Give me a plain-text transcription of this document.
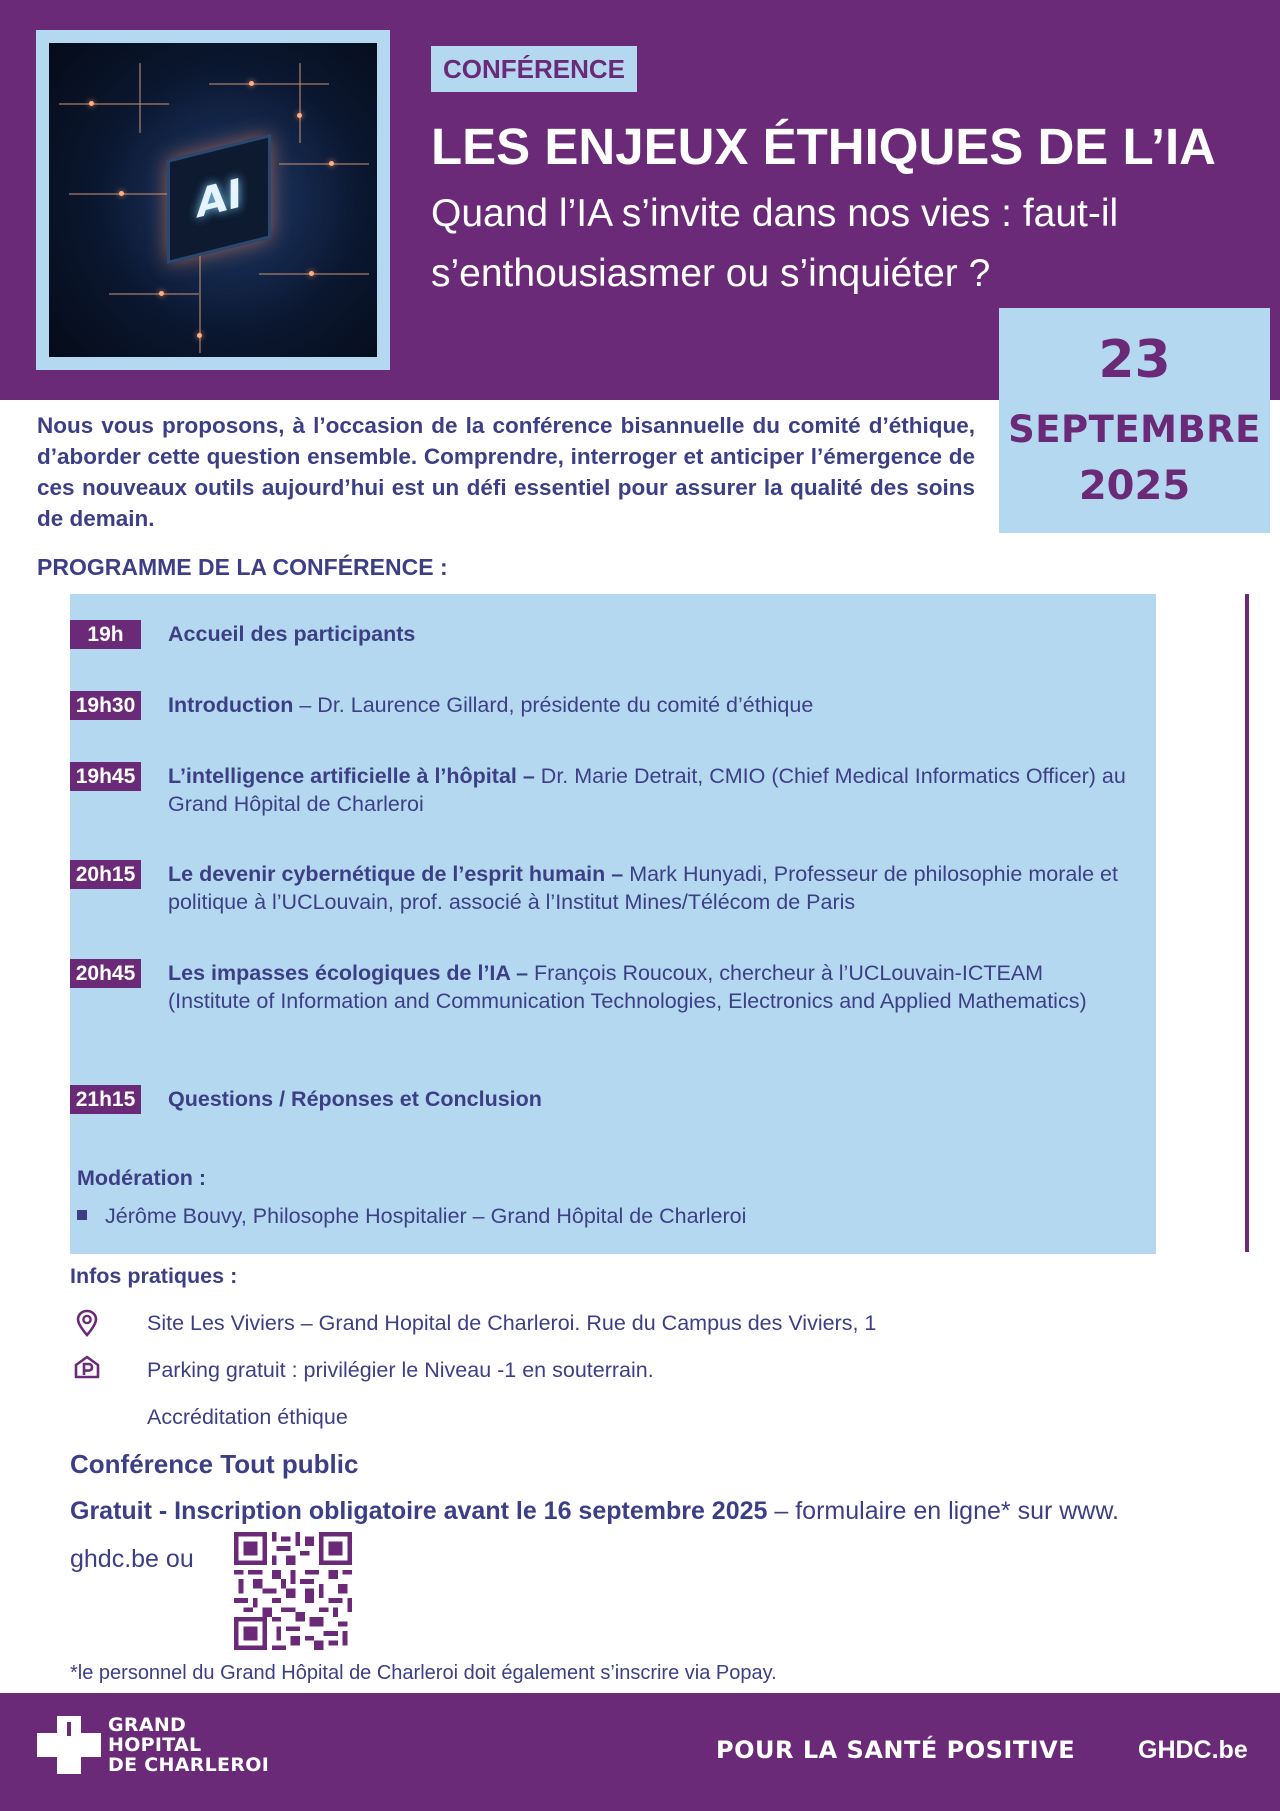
AI
CONFÉRENCE
LES ENJEUX ÉTHIQUES DE L’IA
Quand l’IA s’invite dans nos vies : faut-il s’enthousiasmer ou s’inquiéter ?
23
SEPTEMBRE
2025

Nous vous proposons, à l’occasion de la conférence bisannuelle du comité d’éthique, d’aborder cette question ensemble. Comprendre, interroger et anticiper l’émergence de ces nouveaux outils aujourd’hui est un défi essentiel pour assurer la qualité des soins de demain.

PROGRAMME DE LA CONFÉRENCE :
19h	Accueil des participants
19h30 Introduction – Dr. Laurence Gillard, présidente du comité d’éthique
19h45 L’intelligence artificielle à l’hôpital – Dr. Marie Detrait, CMIO (Chief Medical Informatics Officer) au Grand Hôpital de Charleroi
20h15 Le devenir cybernétique de l’esprit humain – Mark Hunyadi, Professeur de philosophie morale et politique à l’UCLouvain, prof. associé à l’Institut Mines/Télécom de Paris
20h45 Les impasses écologiques de l’IA – François Roucoux, chercheur à l’UCLouvain-ICTEAM (Institute of Information and Communication Technologies, Electronics and Applied Mathematics)
21h15 Questions / Réponses et Conclusion
Modération :
Jérôme Bouvy, Philosophe Hospitalier – Grand Hôpital de Charleroi
Infos pratiques :
Site Les Viviers – Grand Hopital de Charleroi. Rue du Campus des Viviers, 1
Parking gratuit : privilégier le Niveau -1 en souterrain.
Accréditation éthique
Conférence Tout public
Gratuit - Inscription obligatoire avant le 16 septembre 2025 – formulaire en ligne* sur www.
ghdc.be ou
*le personnel du Grand Hôpital de Charleroi doit également s’inscrire via Popay.
GRAND
HOPITAL
DE CHARLEROI
POUR LA SANTÉ POSITIVE	GHDC.be
